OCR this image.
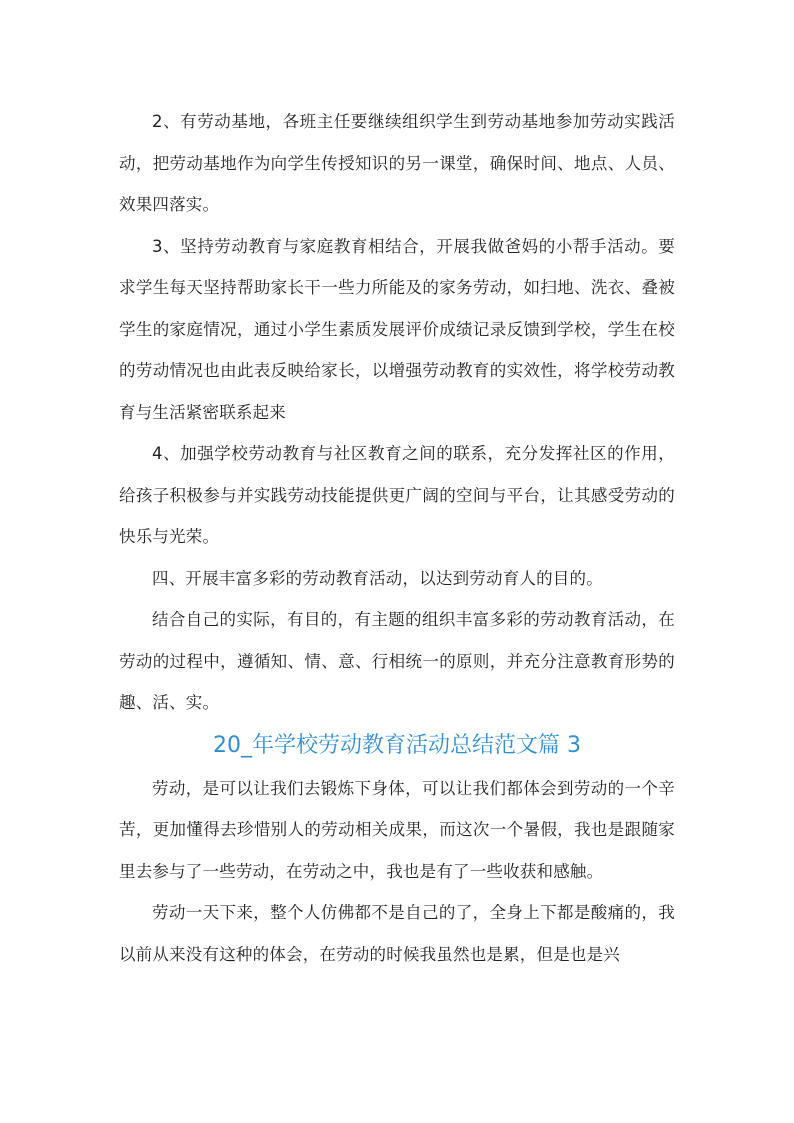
2、有劳动基地，各班主任要继续组织学生到劳动基地参加劳动实践活动，把劳动基地作为向学生传授知识的另一课堂，确保时间、地点、人员、效果四落实。

3、坚持劳动教育与家庭教育相结合，开展我做爸妈的小帮手活动。要求学生每天坚持帮助家长干一些力所能及的家务劳动，如扫地、洗衣、叠被学生的家庭情况，通过小学生素质发展评价成绩记录反馈到学校，学生在校的劳动情况也由此表反映给家长，以增强劳动教育的实效性，将学校劳动教育与生活紧密联系起来

4、加强学校劳动教育与社区教育之间的联系，充分发挥社区的作用，给孩子积极参与并实践劳动技能提供更广阔的空间与平台，让其感受劳动的快乐与光荣。

四、开展丰富多彩的劳动教育活动，以达到劳动育人的目的。

结合自己的实际，有目的，有主题的组织丰富多彩的劳动教育活动，在劳动的过程中，遵循知、情、意、行相统一的原则，并充分注意教育形势的趣、活、实。

20_年学校劳动教育活动总结范文篇 3

劳动，是可以让我们去锻炼下身体，可以让我们都体会到劳动的一个辛苦，更加懂得去珍惜别人的劳动相关成果，而这次一个暑假，我也是跟随家里去参与了一些劳动，在劳动之中，我也是有了一些收获和感触。

劳动一天下来，整个人仿佛都不是自己的了，全身上下都是酸痛的，我以前从来没有这种的体会，在劳动的时候我虽然也是累，但是也是兴
